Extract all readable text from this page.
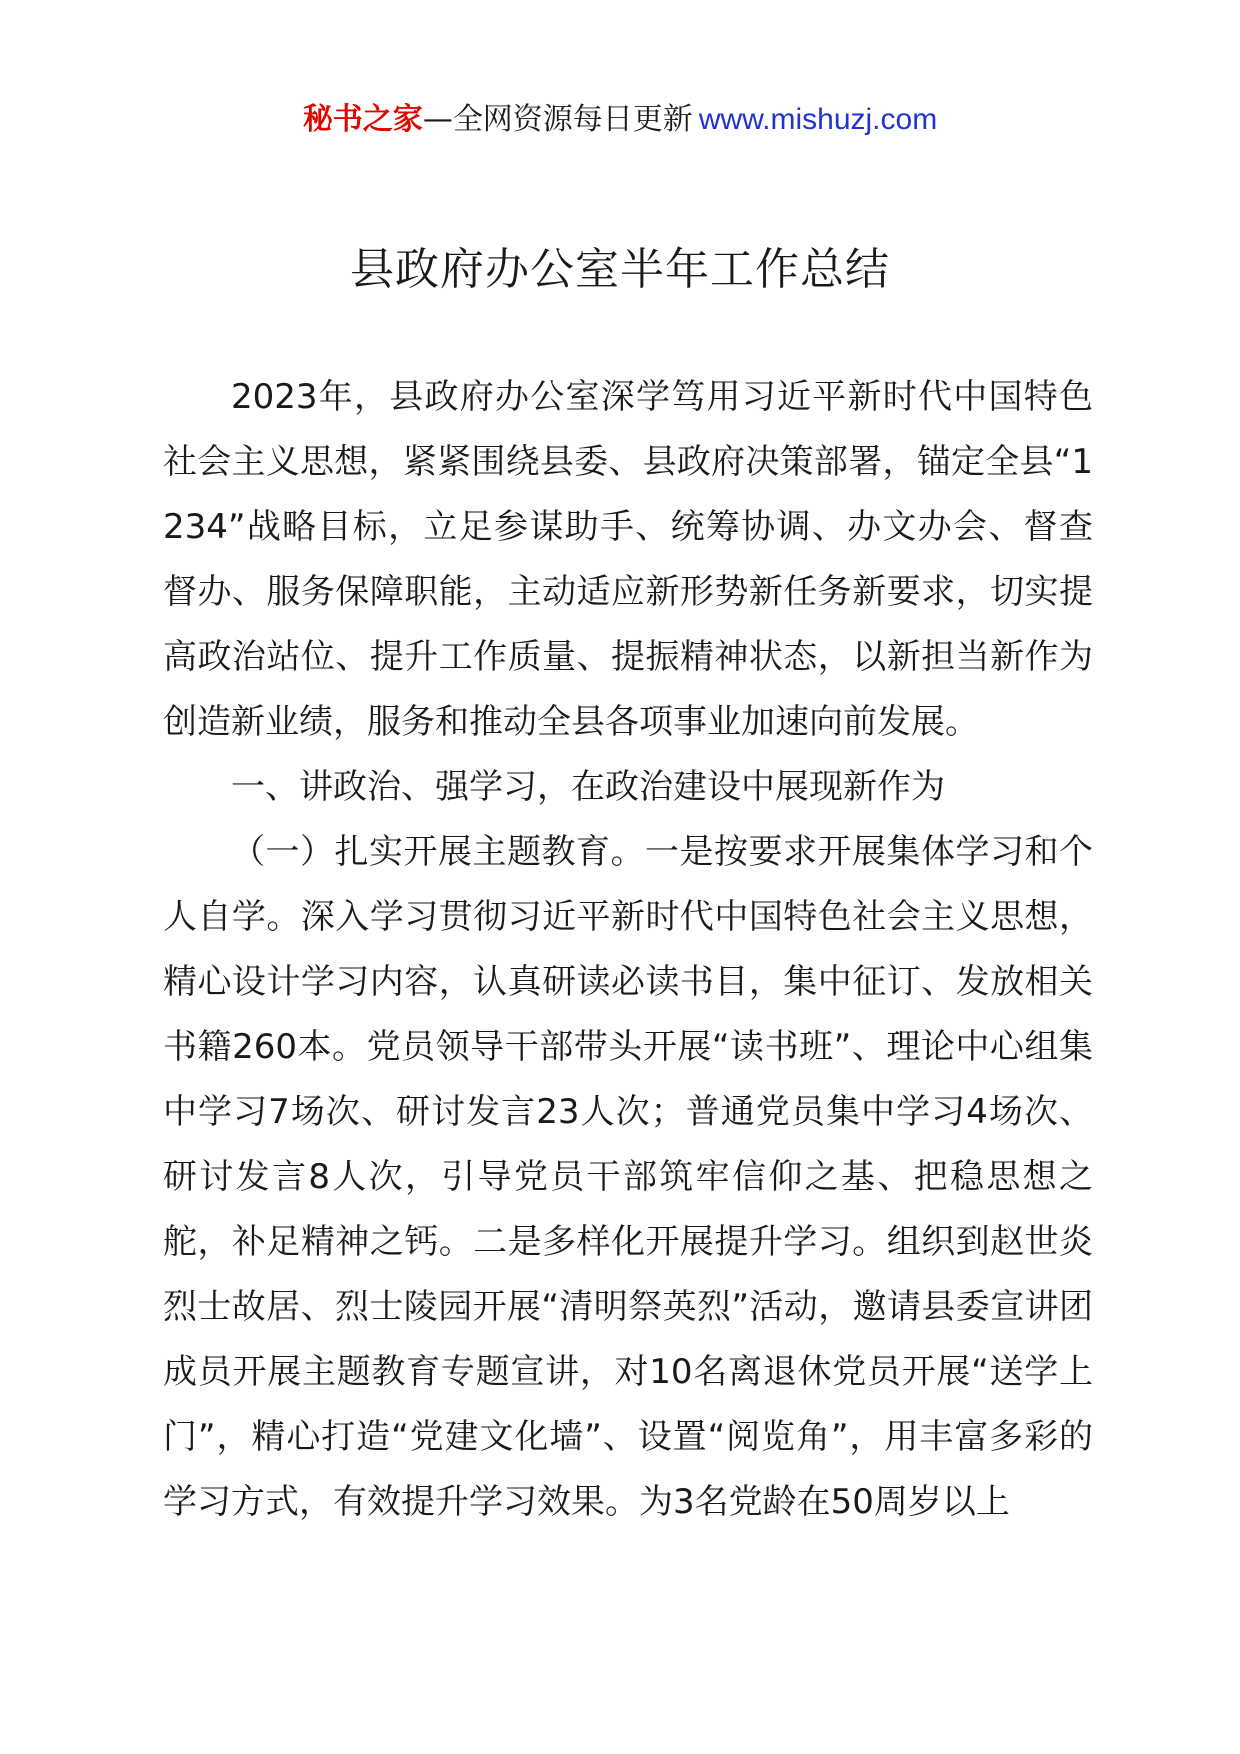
秘书之家—全网资源每日更新 www.mishuzj.com
县政府办公室半年工作总结

2023年，县政府办公室深学笃用习近平新时代中国特色社会主义思想，紧紧围绕县委、县政府决策部署，锚定全县“1234”战略目标，立足参谋助手、统筹协调、办文办会、督查督办、服务保障职能，主动适应新形势新任务新要求，切实提高政治站位、提升工作质量、提振精神状态，以新担当新作为创造新业绩，服务和推动全县各项事业加速向前发展。

一、讲政治、强学习，在政治建设中展现新作为

（一）扎实开展主题教育。一是按要求开展集体学习和个人自学。深入学习贯彻习近平新时代中国特色社会主义思想，精心设计学习内容，认真研读必读书目，集中征订、发放相关书籍260本。党员领导干部带头开展“读书班”、理论中心组集中学习7场次、研讨发言23人次；普通党员集中学习4场次、研讨发言8人次，引导党员干部筑牢信仰之基、把稳思想之舵，补足精神之钙。二是多样化开展提升学习。组织到赵世炎烈士故居、烈士陵园开展“清明祭英烈”活动，邀请县委宣讲团成员开展主题教育专题宣讲，对10名离退休党员开展“送学上门”，精心打造“党建文化墙”、设置“阅览角”，用丰富多彩的学习方式，有效提升学习效果。为3名党龄在50周岁以上
